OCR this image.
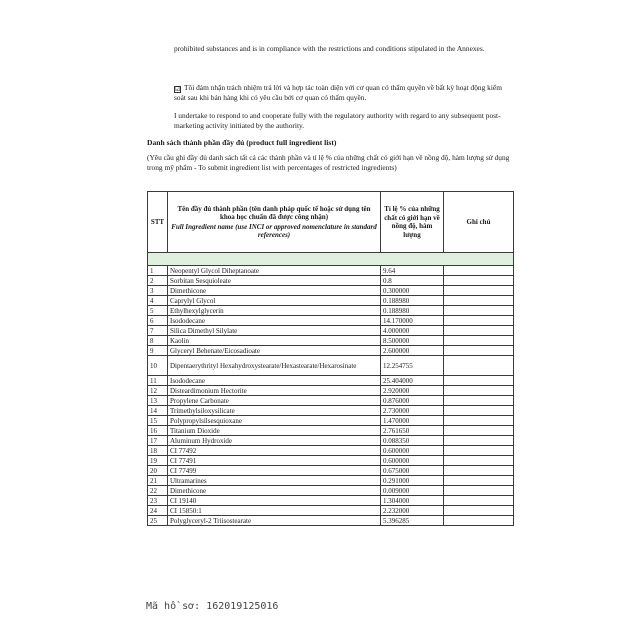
prohibited substances and is in compliance with the restrictions and conditions stipulated in the Annexes.
☑ Tôi đảm nhận trách nhiệm trả lời và hợp tác toàn diện với cơ quan có thẩm quyền về bất kỳ hoạt động kiểm soát sau khi bán hàng khi có yêu cầu bởi cơ quan có thẩm quyền.
I undertake to respond to and cooperate fully with the regulatory authority with regard to any subsequent post-marketing activity initiated by the authority.
Danh sách thành phần đầy đủ (product full ingredient list)
(Yêu cầu ghi đầy đủ danh sách tất cả các thành phần và tỉ lệ % của những chất có giới hạn về nồng độ, hàm lượng sử dụng trong mỹ phẩm - To submit ingredient list with percentages of restricted ingredients)
STT	Tên đầy đủ thành phần (tên danh pháp quốc tế hoặc sử dụng tên khoa học chuẩn đã được công nhận)
Full Ingredient name (use INCI or approved nomenclature in standard references)	Tỉ lệ % của những chất có giới hạn về nồng độ, hàm lượng	Ghi chú

1	Neopentyl Glycol Diheptanoate	9.64	
2	Sorbitan Sesquioleate	0.8	
3	Dimethicone	0.300000	
4	Caprylyl Glycol	0.188980	
5	Ethylhexylglycerin	0.188980	
6	Isododecane	14.170000	
7	Silica Dimethyl Silylate	4.000000	
8	Kaolin	8.500000	
9	Glyceryl Behenate/Eicosadioate	2.600000	
10	Dipentaerythrityl Hexahydroxystearate/Hexastearate/Hexarosinate	12.254755	
11	Isododecane	25.404000	
12	Disteardimonium Hectorite	2.920000	
13	Propylene Carbonate	0.876000	
14	Trimethylsiloxysilicate	2.730000	
15	Polypropylsilsesquioxane	1.470000	
16	Titanium Dioxide	2.761650	
17	Aluminum Hydroxide	0.088350	
18	CI 77492	0.600000	
19	CI 77491	0.600000	
20	CI 77499	0.675000	
21	Ultramarines	0.291000	
22	Dimethicone	0.009000	
23	CI 19140	1.304000	
24	CI 15850:1	2.232000	
25	Polyglyceryl-2 Triisostearate	5.396285	
Mã hồ sơ: 162019125016
